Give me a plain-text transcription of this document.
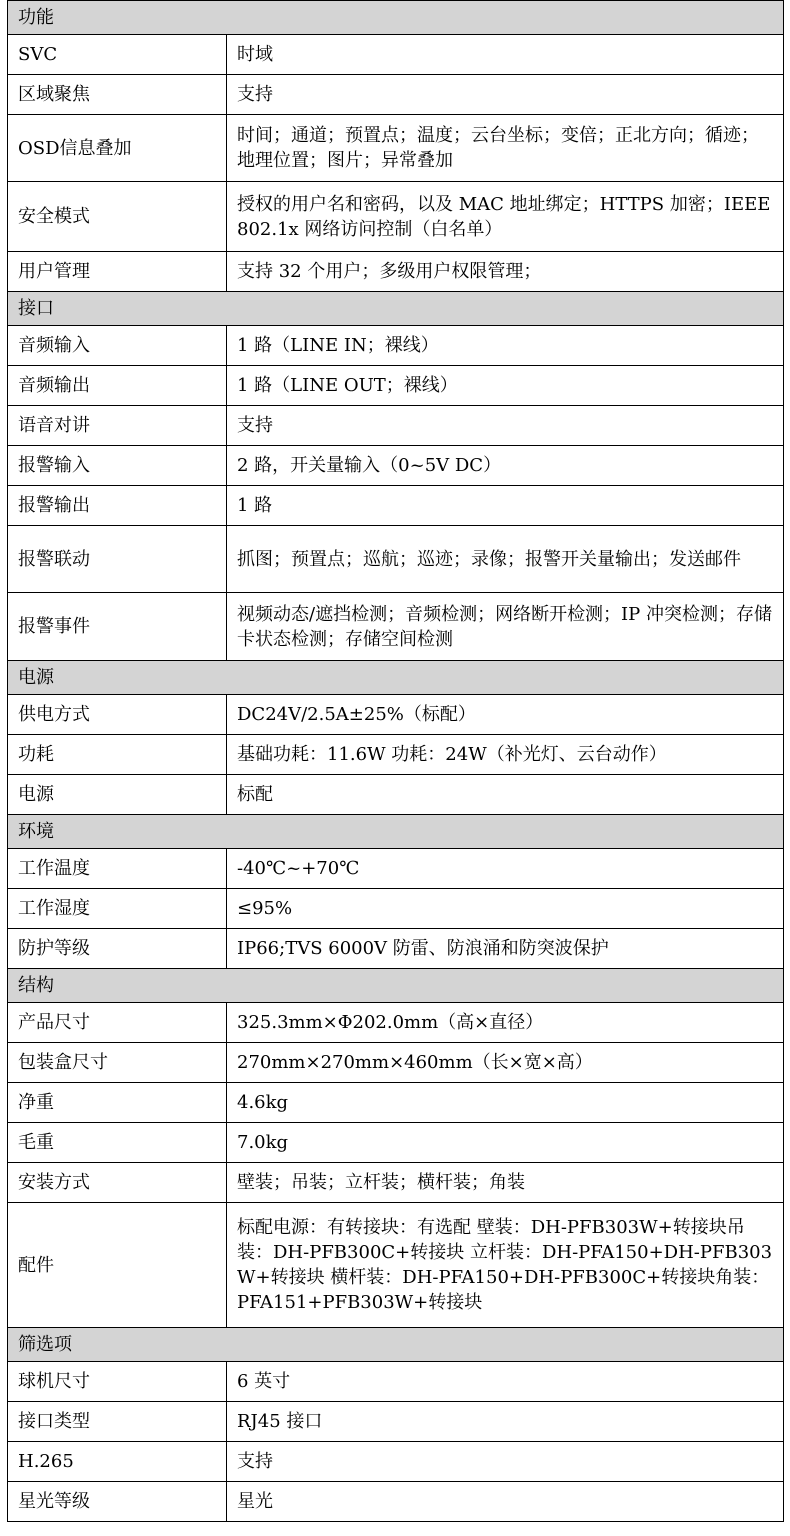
功能	
SVC	时域
区域聚焦	支持
OSD信息叠加	时间；通道；预置点；温度；云台坐标；变倍；正北方向；循迹；地理位置；图片；异常叠加
安全模式	授权的用户名和密码，以及 MAC 地址绑定；HTTPS 加密；IEEE 802.1x 网络访问控制（白名单）
用户管理	支持 32 个用户；多级用户权限管理；
接口	
音频输入	1 路（LINE IN；裸线）
音频输出	1 路（LINE OUT；裸线）
语音对讲	支持
报警输入	2 路，开关量输入（0~5V DC）
报警输出	1 路
报警联动	抓图；预置点；巡航；巡迹；录像；报警开关量输出；发送邮件
报警事件	视频动态/遮挡检测；音频检测；网络断开检测；IP 冲突检测；存储卡状态检测；存储空间检测
电源	
供电方式	DC24V/2.5A±25%（标配）
功耗	基础功耗：11.6W 功耗：24W（补光灯、云台动作）
电源	标配
环境	
工作温度	-40℃~+70℃
工作湿度	≤95%
防护等级	IP66;TVS 6000V 防雷、防浪涌和防突波保护
结构	
产品尺寸	325.3mm×Φ202.0mm（高×直径）
包装盒尺寸	270mm×270mm×460mm（长×宽×高）
净重	4.6kg
毛重	7.0kg
安装方式	壁装；吊装；立杆装；横杆装；角装
配件	标配电源：有转接块：有选配 壁装：DH-PFB303W+转接块吊装：DH-PFB300C+转接块 立杆装：DH-PFA150+DH-PFB303W+转接块 横杆装：DH-PFA150+DH-PFB300C+转接块角装：PFA151+PFB303W+转接块
筛选项	
球机尺寸	6 英寸
接口类型	RJ45 接口
H.265	支持
星光等级	星光
